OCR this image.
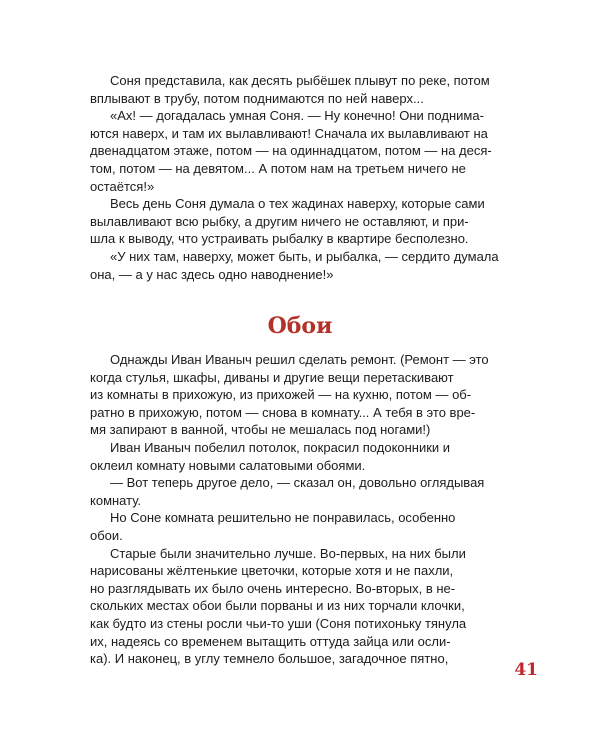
Соня представила, как десять рыбёшек плывут по реке, потом
вплывают в трубу, потом поднимаются по ней наверх...

«Ах! — догадалась умная Соня. — Ну конечно! Они поднима-
ются наверх, и там их вылавливают! Сначала их вылавливают на
двенадцатом этаже, потом — на одиннадцатом, потом — на деся-
том, потом — на девятом... А потом нам на третьем ничего не
остаётся!»

Весь день Соня думала о тех жадинах наверху, которые сами
вылавливают всю рыбку, а другим ничего не оставляют, и при-
шла к выводу, что устраивать рыбалку в квартире бесполезно.

«У них там, наверху, может быть, и рыбалка, — сердито думала
она, — а у нас здесь одно наводнение!»

Обои

Однажды Иван Иваныч решил сделать ремонт. (Ремонт — это
когда стулья, шкафы, диваны и другие вещи перетаскивают
из комнаты в прихожую, из прихожей — на кухню, потом — об-
ратно в прихожую, потом — снова в комнату... А тебя в это вре-
мя запирают в ванной, чтобы не мешалась под ногами!)

Иван Иваныч побелил потолок, покрасил подоконники и
оклеил комнату новыми салатовыми обоями.

— Вот теперь другое дело, — сказал он, довольно оглядывая
комнату.

Но Соне комната решительно не понравилась, особенно
обои.

Старые были значительно лучше. Во-первых, на них были
нарисованы жёлтенькие цветочки, которые хотя и не пахли,
но разглядывать их было очень интересно. Во-вторых, в не-
скольких местах обои были порваны и из них торчали клочки,
как будто из стены росли чьи-то уши (Соня потихоньку тянула
их, надеясь со временем вытащить оттуда зайца или осли-
ка). И наконец, в углу темнело большое, загадочное пятно,

41
